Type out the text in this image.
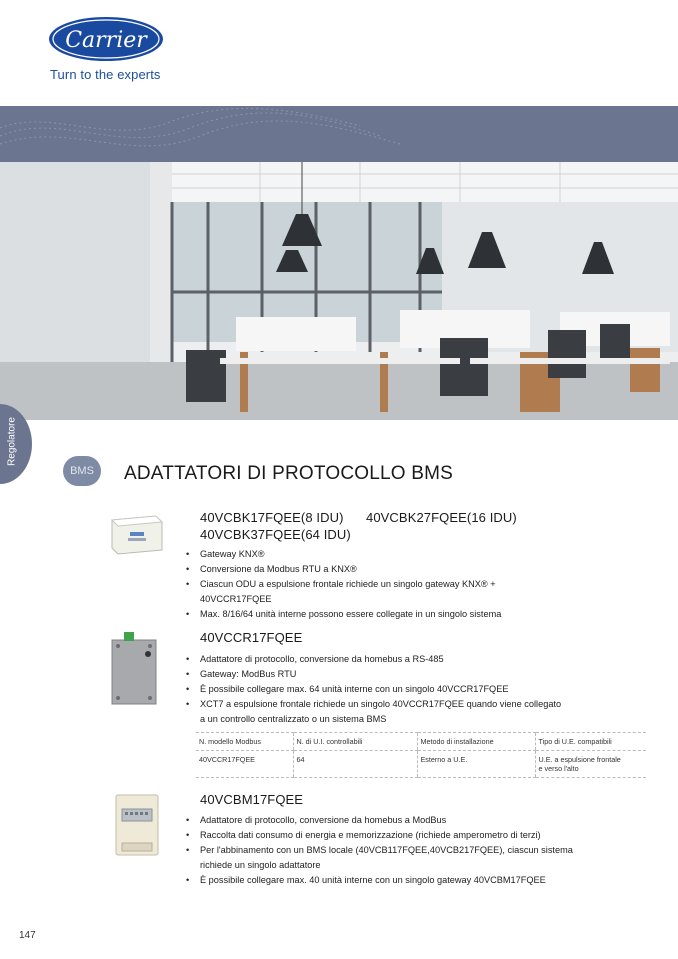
Carrier
Turn to the experts
Regolatore
BMS	ADATTATORI DI PROTOCOLLO BMS
40VCBK17FQEE(8 IDU) 40VCBK27FQEE(16 IDU)
40VCBK37FQEE(64 IDU)
• Gateway KNX®
• Conversione da Modbus RTU a KNX®
• Ciascun ODU a espulsione frontale richiede un singolo gateway KNX® +
40VCCR17FQEE
• Max. 8/16/64 unità interne possono essere collegate in un singolo sistema
40VCCR17FQEE
• Adattatore di protocollo, conversione da homebus a RS-485
• Gateway: ModBus RTU
• È possibile collegare max. 64 unità interne con un singolo 40VCCR17FQEE
• XCT7 a espulsione frontale richiede un singolo 40VCCR17FQEE quando viene collegato
a un controllo centralizzato o un sistema BMS
N. modello Modbus	N. di U.I. controllabili	Metodo di installazione	Tipo di U.E. compatibili
40VCCR17FQEE	64	Esterno a U.E.	U.E. a espulsione frontale
e verso l'alto
40VCBM17FQEE
• Adattatore di protocollo, conversione da homebus a ModBus
• Raccolta dati consumo di energia e memorizzazione (richiede amperometro di terzi)
• Per l'abbinamento con un BMS locale (40VCB117FQEE,40VCB217FQEE), ciascun sistema
richiede un singolo adattatore
• È possibile collegare max. 40 unità interne con un singolo gateway 40VCBM17FQEE
147
